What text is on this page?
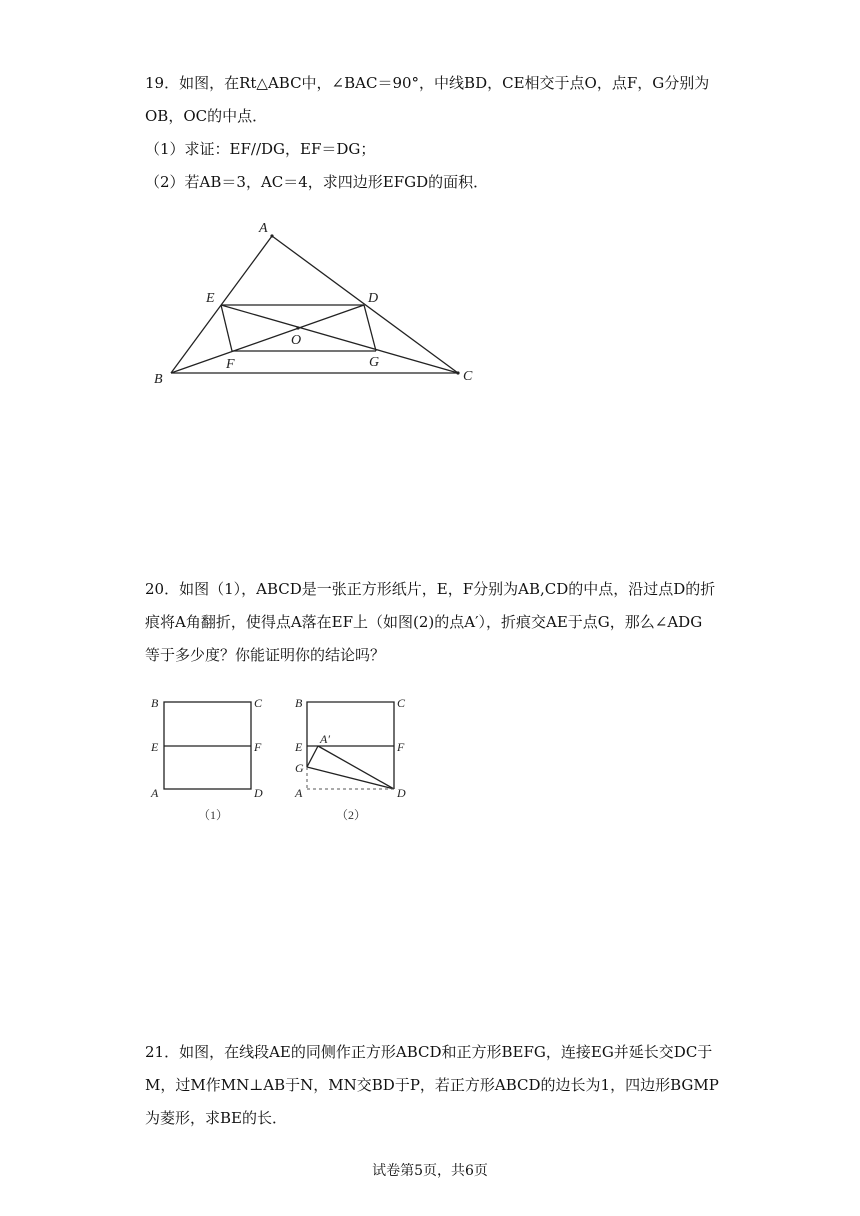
19．如图，在Rt△ABC中，∠BAC＝90°，中线BD，CE相交于点O，点F，G分别为
OB，OC的中点．
（1）求证：EF//DG，EF＝DG；
（2）若AB＝3，AC＝4，求四边形EFGD的面积．
A
B	C
D
E
F	G
O
20．如图（1），ABCD是一张正方形纸片，E，F分别为AB,CD的中点，沿过点D的折
痕将A角翻折，使得点A落在EF上（如图(2)的点A′），折痕交AE于点G，那么∠ADG
等于多少度？你能证明你的结论吗？
B	C
E	F
A	D
（1）
B	C
E	F
A′
G
A	D
（2）
21．如图，在线段AE的同侧作正方形ABCD和正方形BEFG，连接EG并延长交DC于
M，过M作MN⊥AB于N，MN交BD于P，若正方形ABCD的边长为1，四边形BGMP
为菱形，求BE的长．
试卷第5页，共6页
